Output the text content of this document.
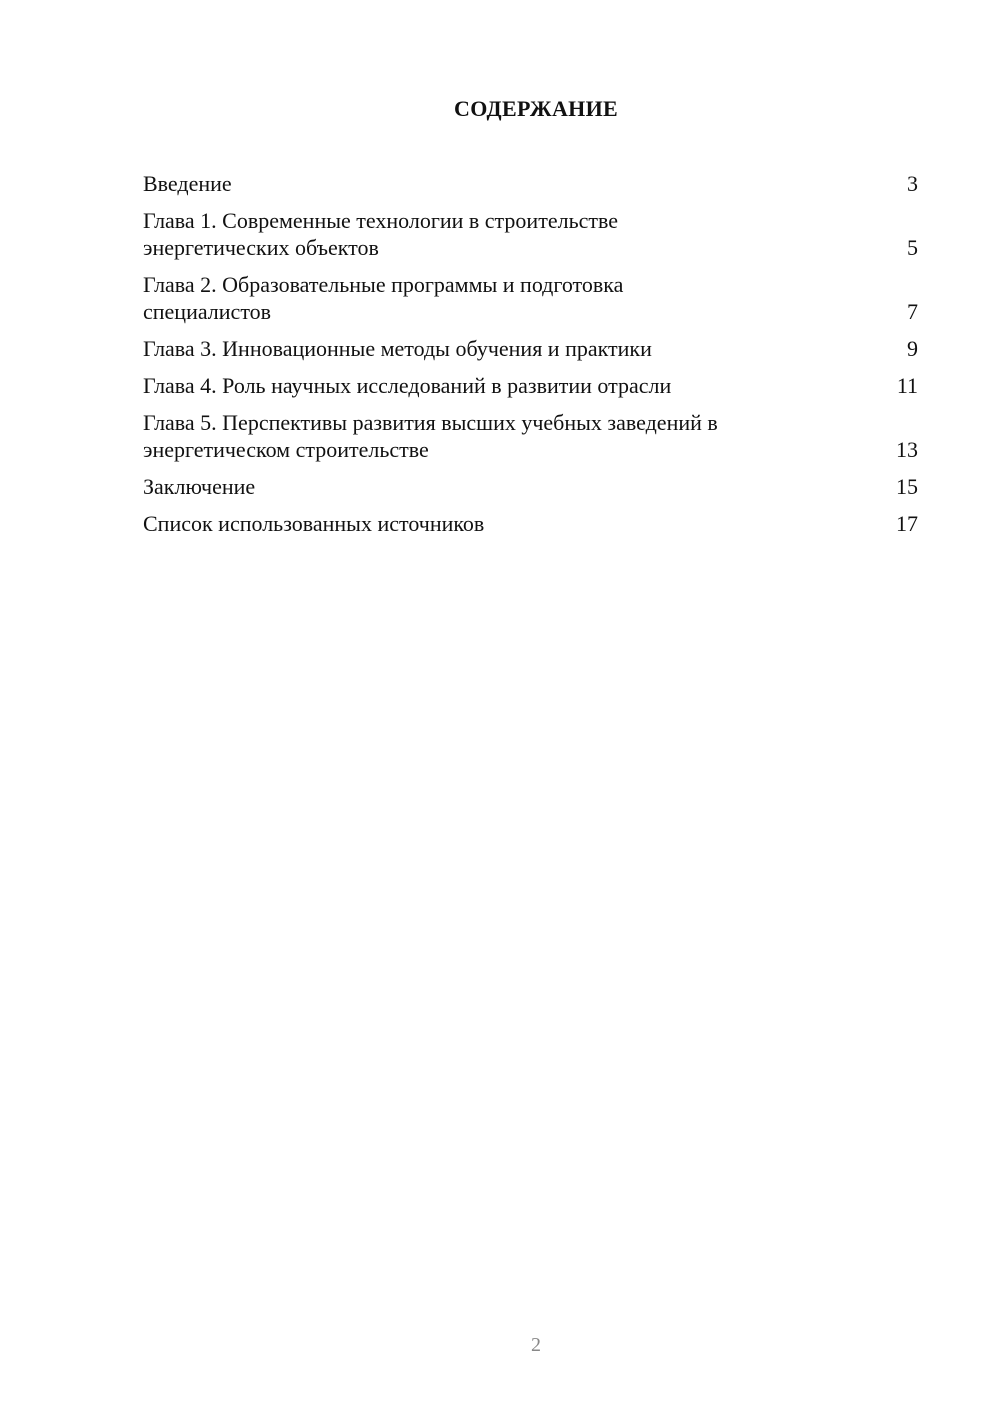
СОДЕРЖАНИЕ
Введение	3
Глава 1. Современные технологии в строительстве
энергетических объектов	5
Глава 2. Образовательные программы и подготовка
специалистов	7
Глава 3. Инновационные методы обучения и практики	9
Глава 4. Роль научных исследований в развитии отрасли	11
Глава 5. Перспективы развития высших учебных заведений в
энергетическом строительстве	13
Заключение	15
Список использованных источников	17
2
